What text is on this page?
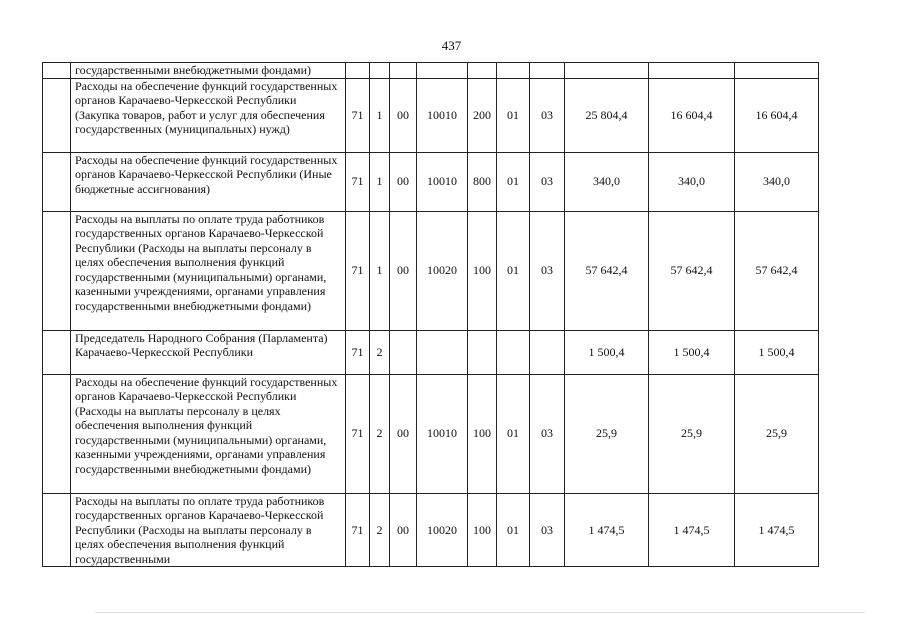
437
	государственными внебюджетными фондами)										
	Расходы на обеспечение функций государственных органов Карачаево-Черкесской Республики (Закупка товаров, работ и услуг для обеспечения государственных (муниципальных) нужд)	71	1	00	10010	200	01	03	25 804,4	16 604,4	16 604,4
	Расходы на обеспечение функций государственных органов Карачаево-Черкесской Республики (Иные бюджетные ассигнования)	71	1	00	10010	800	01	03	340,0	340,0	340,0
	Расходы на выплаты по оплате труда работников государственных органов Карачаево-Черкесской Республики (Расходы на выплаты персоналу в целях обеспечения выполнения функций государственными (муниципальными) органами, казенными учреждениями, органами управления государственными внебюджетными фондами)	71	1	00	10020	100	01	03	57 642,4	57 642,4	57 642,4
	Председатель Народного Собрания (Парламента) Карачаево-Черкесской Республики	71	2						1 500,4	1 500,4	1 500,4
	Расходы на обеспечение функций государственных органов Карачаево-Черкесской Республики (Расходы на выплаты персоналу в целях обеспечения выполнения функций государственными (муниципальными) органами, казенными учреждениями, органами управления государственными внебюджетными фондами)	71	2	00	10010	100	01	03	25,9	25,9	25,9
	Расходы на выплаты по оплате труда работников государственных органов Карачаево-Черкесской Республики (Расходы на выплаты персоналу в целях обеспечения выполнения функций государственными	71	2	00	10020	100	01	03	1 474,5	1 474,5	1 474,5
